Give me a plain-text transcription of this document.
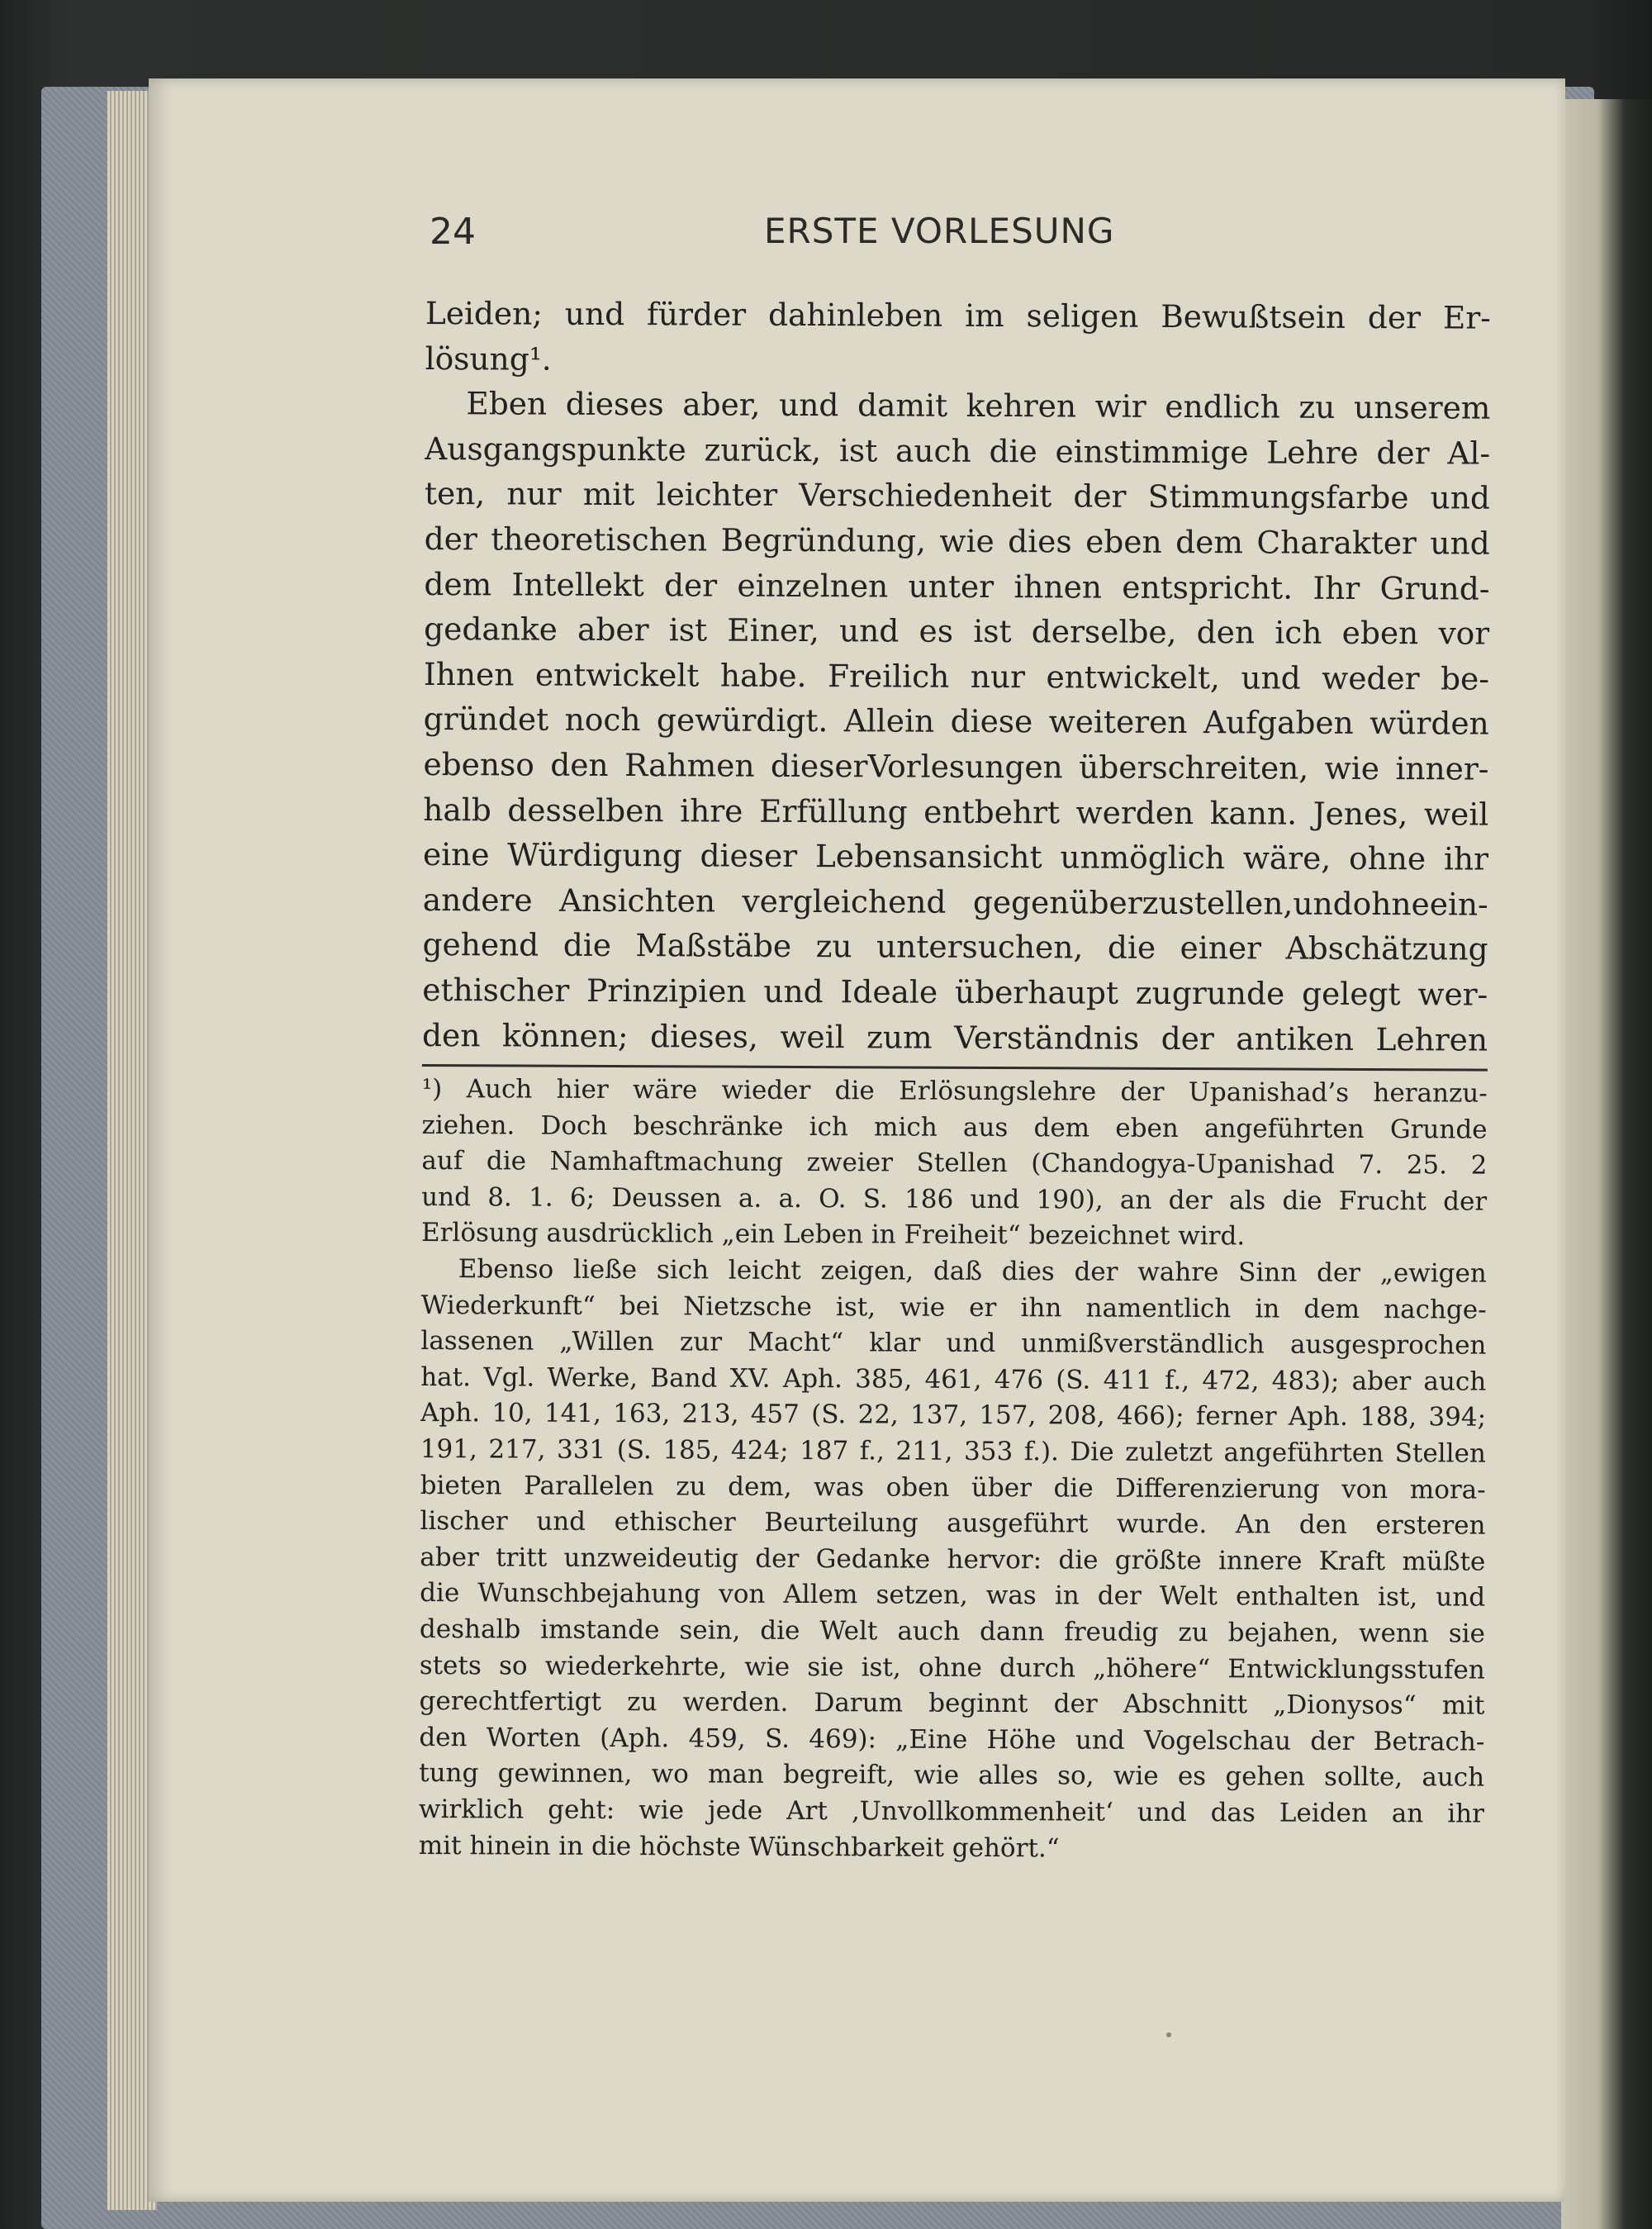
24	ERSTE VORLESUNG
Leiden; und fürder dahinleben im seligen Bewußtsein der Er-
lösung¹.
Eben dieses aber, und damit kehren wir endlich zu unserem
Ausgangspunkte zurück, ist auch die einstimmige Lehre der Al-
ten, nur mit leichter Verschiedenheit der Stimmungsfarbe und
der theoretischen Begründung, wie dies eben dem Charakter und
dem Intellekt der einzelnen unter ihnen entspricht. Ihr Grund-
gedanke aber ist Einer, und es ist derselbe, den ich eben vor
Ihnen entwickelt habe. Freilich nur entwickelt, und weder be-
gründet noch gewürdigt. Allein diese weiteren Aufgaben würden
ebenso den Rahmen dieserVorlesungen überschreiten, wie inner-
halb desselben ihre Erfüllung entbehrt werden kann. Jenes, weil
eine Würdigung dieser Lebensansicht unmöglich wäre, ohne ihr
andere Ansichten vergleichend gegenüberzustellen,undohneein-
gehend die Maßstäbe zu untersuchen, die einer Abschätzung
ethischer Prinzipien und Ideale überhaupt zugrunde gelegt wer-
den können; dieses, weil zum Verständnis der antiken Lehren
¹) Auch hier wäre wieder die Erlösungslehre der Upanishad’s heranzu-
ziehen. Doch beschränke ich mich aus dem eben angeführten Grunde
auf die Namhaftmachung zweier Stellen (Chandogya-Upanishad 7. 25. 2
und 8. 1. 6; Deussen a. a. O. S. 186 und 190), an der als die Frucht der
Erlösung ausdrücklich „ein Leben in Freiheit“ bezeichnet wird.
Ebenso ließe sich leicht zeigen, daß dies der wahre Sinn der „ewigen
Wiederkunft“ bei Nietzsche ist, wie er ihn namentlich in dem nachge-
lassenen „Willen zur Macht“ klar und unmißverständlich ausgesprochen
hat. Vgl. Werke, Band XV. Aph. 385, 461, 476 (S. 411 f., 472, 483); aber auch
Aph. 10, 141, 163, 213, 457 (S. 22, 137, 157, 208, 466); ferner Aph. 188, 394;
191, 217, 331 (S. 185, 424; 187 f., 211, 353 f.). Die zuletzt angeführten Stellen
bieten Parallelen zu dem, was oben über die Differenzierung von mora-
lischer und ethischer Beurteilung ausgeführt wurde. An den ersteren
aber tritt unzweideutig der Gedanke hervor: die größte innere Kraft müßte
die Wunschbejahung von Allem setzen, was in der Welt enthalten ist, und
deshalb imstande sein, die Welt auch dann freudig zu bejahen, wenn sie
stets so wiederkehrte, wie sie ist, ohne durch „höhere“ Entwicklungsstufen
gerechtfertigt zu werden. Darum beginnt der Abschnitt „Dionysos“ mit
den Worten (Aph. 459, S. 469): „Eine Höhe und Vogelschau der Betrach-
tung gewinnen, wo man begreift, wie alles so, wie es gehen sollte, auch
wirklich geht: wie jede Art ‚Unvollkommenheit‘ und das Leiden an ihr
mit hinein in die höchste Wünschbarkeit gehört.“
